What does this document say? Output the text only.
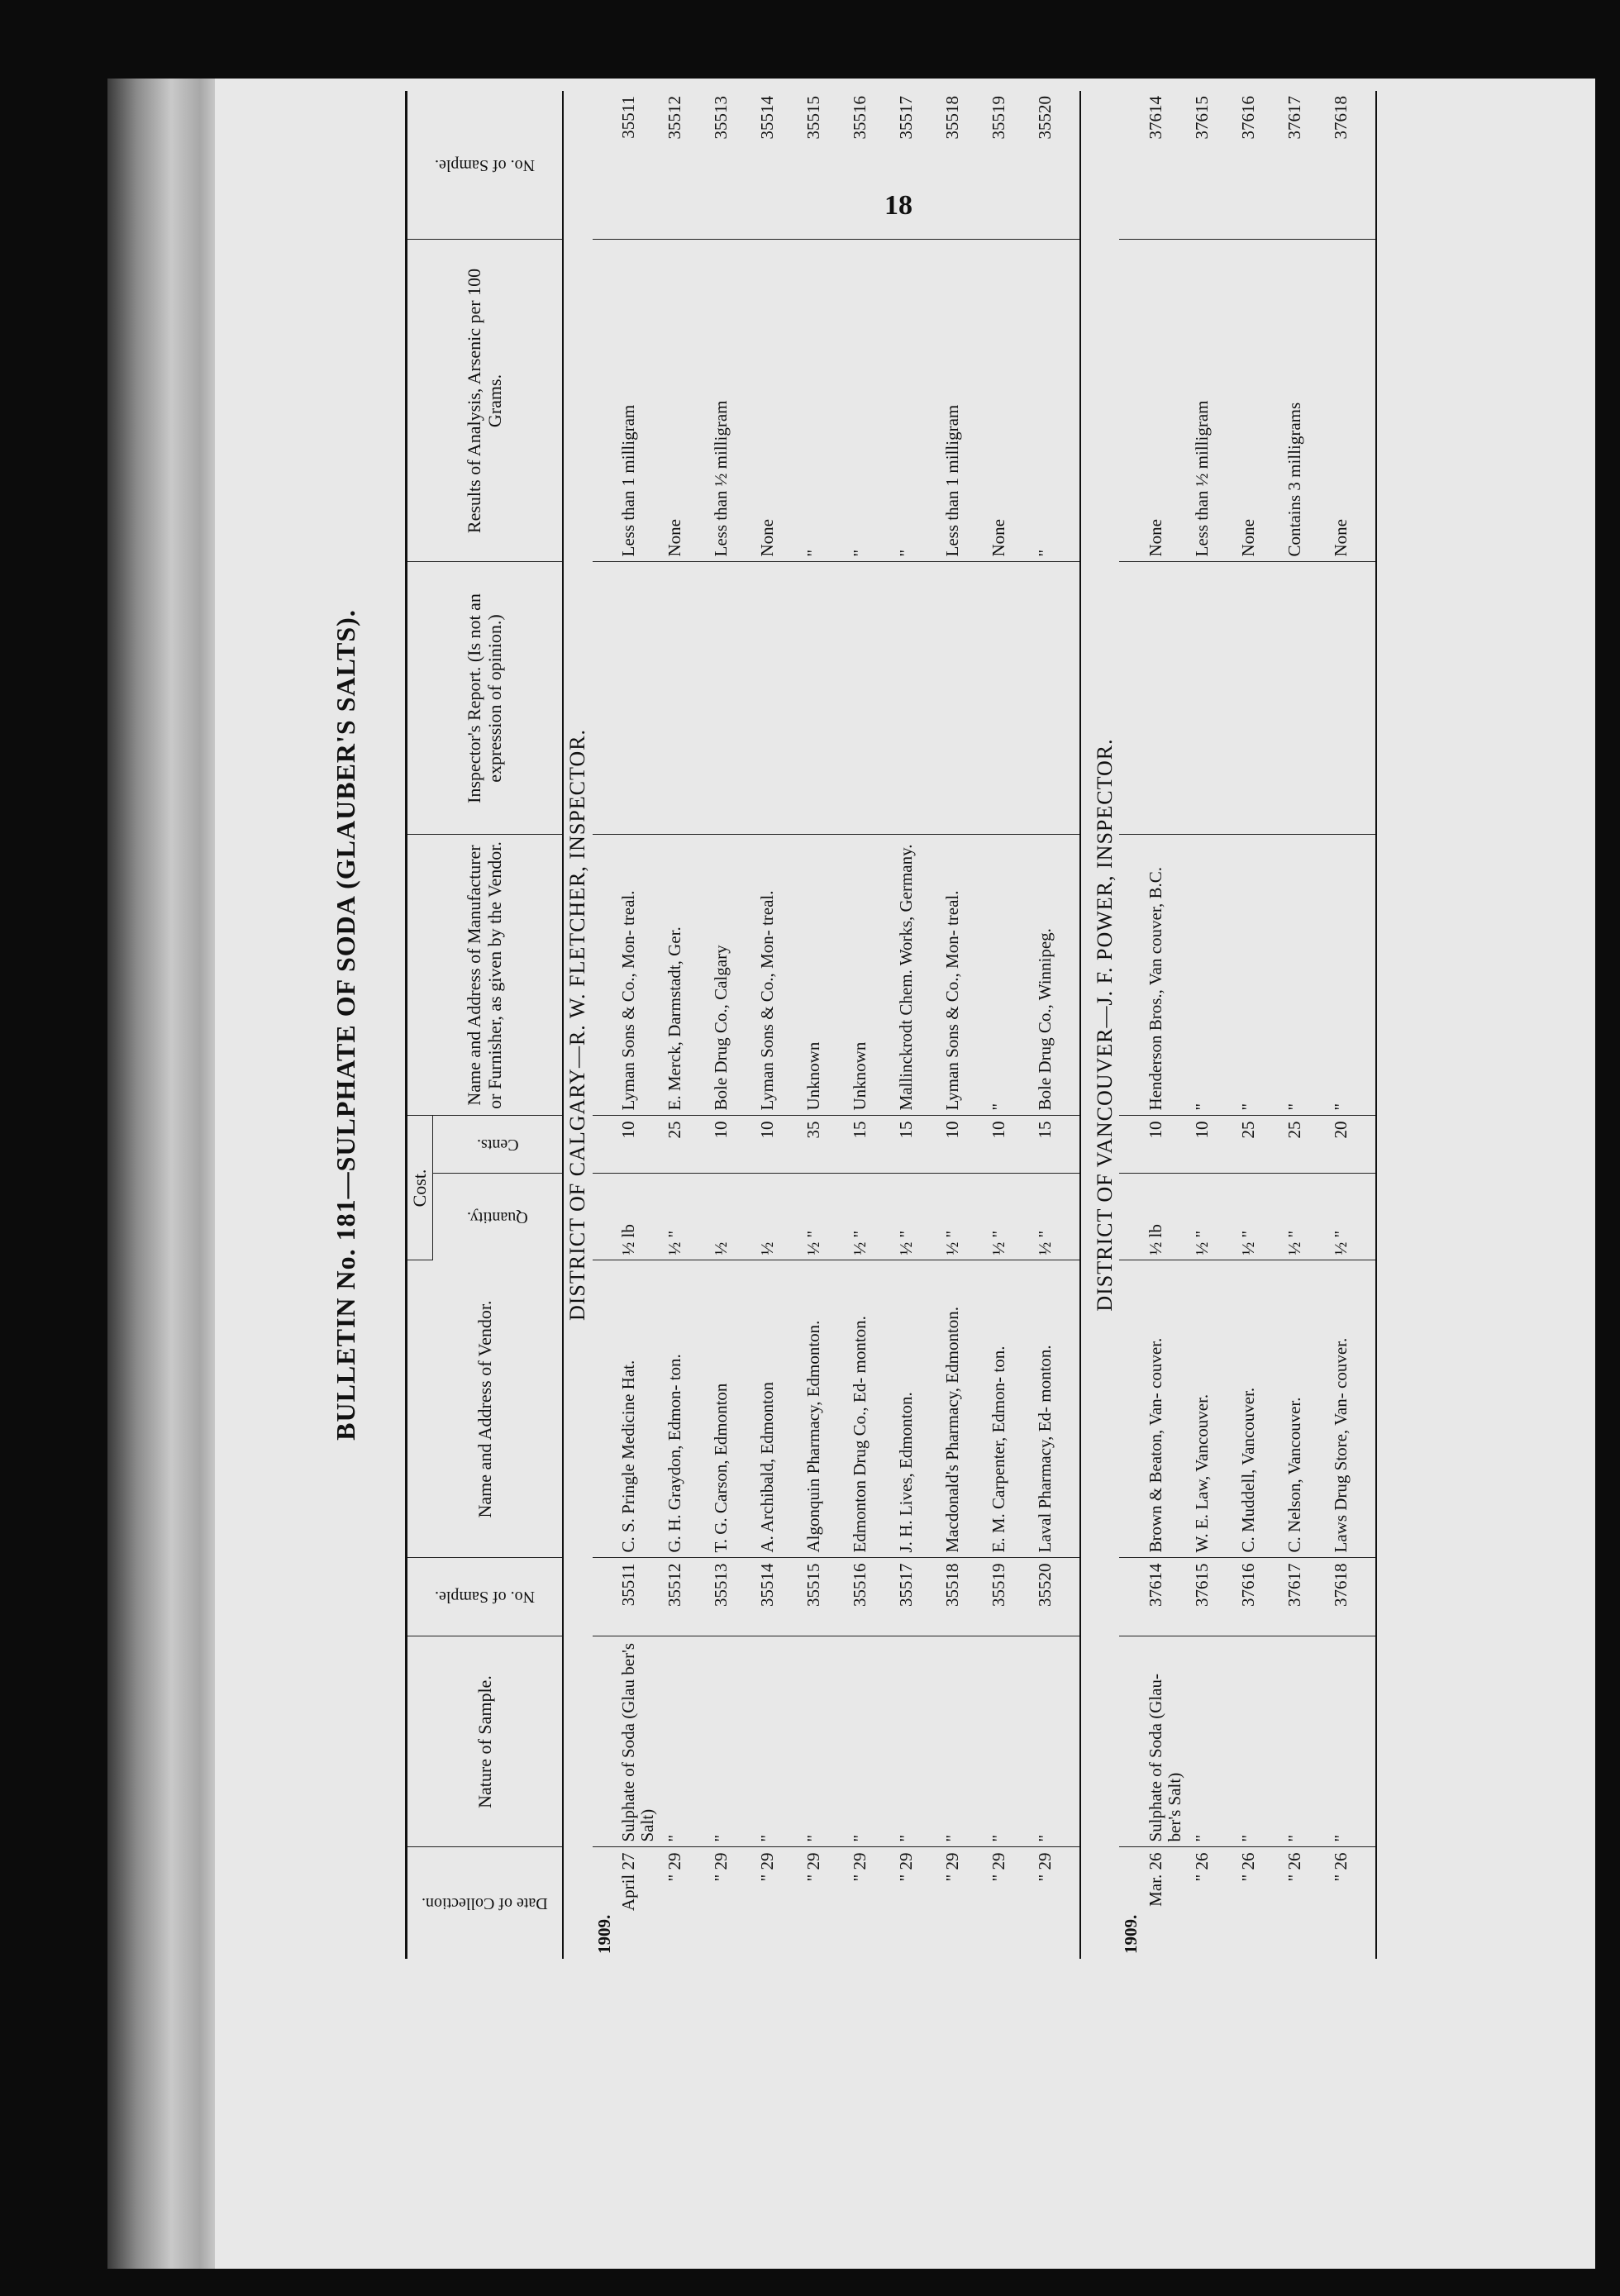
18
BULLETIN No. 181—SULPHATE OF SODA (GLAUBER'S SALTS).
Date of Collection.	Nature of Sample.	No. of Sample.	Name and Address of Vendor.	Cost.		Name and Address of Manufacturer or Furnisher, as given by the Vendor.	Inspector's Report. (Is not an expression of opinion.)	Results of Analysis, Arsenic per 100 Grams.	No. of Sample.

				Quantity.	Cents.				

DISTRICT OF CALGARY—R. W. FLETCHER, INSPECTOR.									
1909.									
April 27	Sulphate of Soda (Glau ber's Salt)	35511	C. S. Pringle Medicine Hat.	½ lb	10	Lyman Sons & Co., Mon- treal.		Less than 1 milligram	35511
" 29	"	35512	G. H. Graydon, Edmon- ton.	½ "	25	E. Merck, Darmstadt, Ger.		None	35512
" 29	"	35513	T. G. Carson, Edmonton	½	10	Bole Drug Co., Calgary		Less than ½ milligram	35513
" 29	"	35514	A. Archibald, Edmonton	½	10	Lyman Sons & Co., Mon- treal.		None	35514
" 29	"	35515	Algonquin Pharmacy, Edmonton.	½ "	35	Unknown		"	35515
" 29	"	35516	Edmonton Drug Co., Ed- monton.	½ "	15	Unknown		"	35516
" 29	"	35517	J. H. Lives, Edmonton.	½ "	15	Mallinckrodt Chem. Works, Germany.		"	35517
" 29	"	35518	Macdonald's Pharmacy, Edmonton.	½ "	10	Lyman Sons & Co., Mon- treal.		Less than 1 milligram	35518
" 29	"	35519	E. M. Carpenter, Edmon- ton.	½ "	10	"		None	35519
" 29	"	35520	Laval Pharmacy, Ed- monton.	½ "	15	Bole Drug Co., Winnipeg.		"	35520

DISTRICT OF VANCOUVER—J. F. POWER, INSPECTOR.									
1909.									
Mar. 26	Sulphate of Soda (Glau- ber's Salt)	37614	Brown & Beaton, Van- couver.	½ lb	10	Henderson Bros., Van couver, B.C.		None	37614
" 26	"	37615	W. E. Law, Vancouver.	½ "	10	"		Less than ½ milligram	37615
" 26	"	37616	C. Muddell, Vancouver.	½ "	25	"		None	37616
" 26	"	37617	C. Nelson, Vancouver.	½ "	25	"		Contains 3 milligrams	37617
" 26	"	37618	Laws Drug Store, Van- couver.	½ "	20	"		None	37618
